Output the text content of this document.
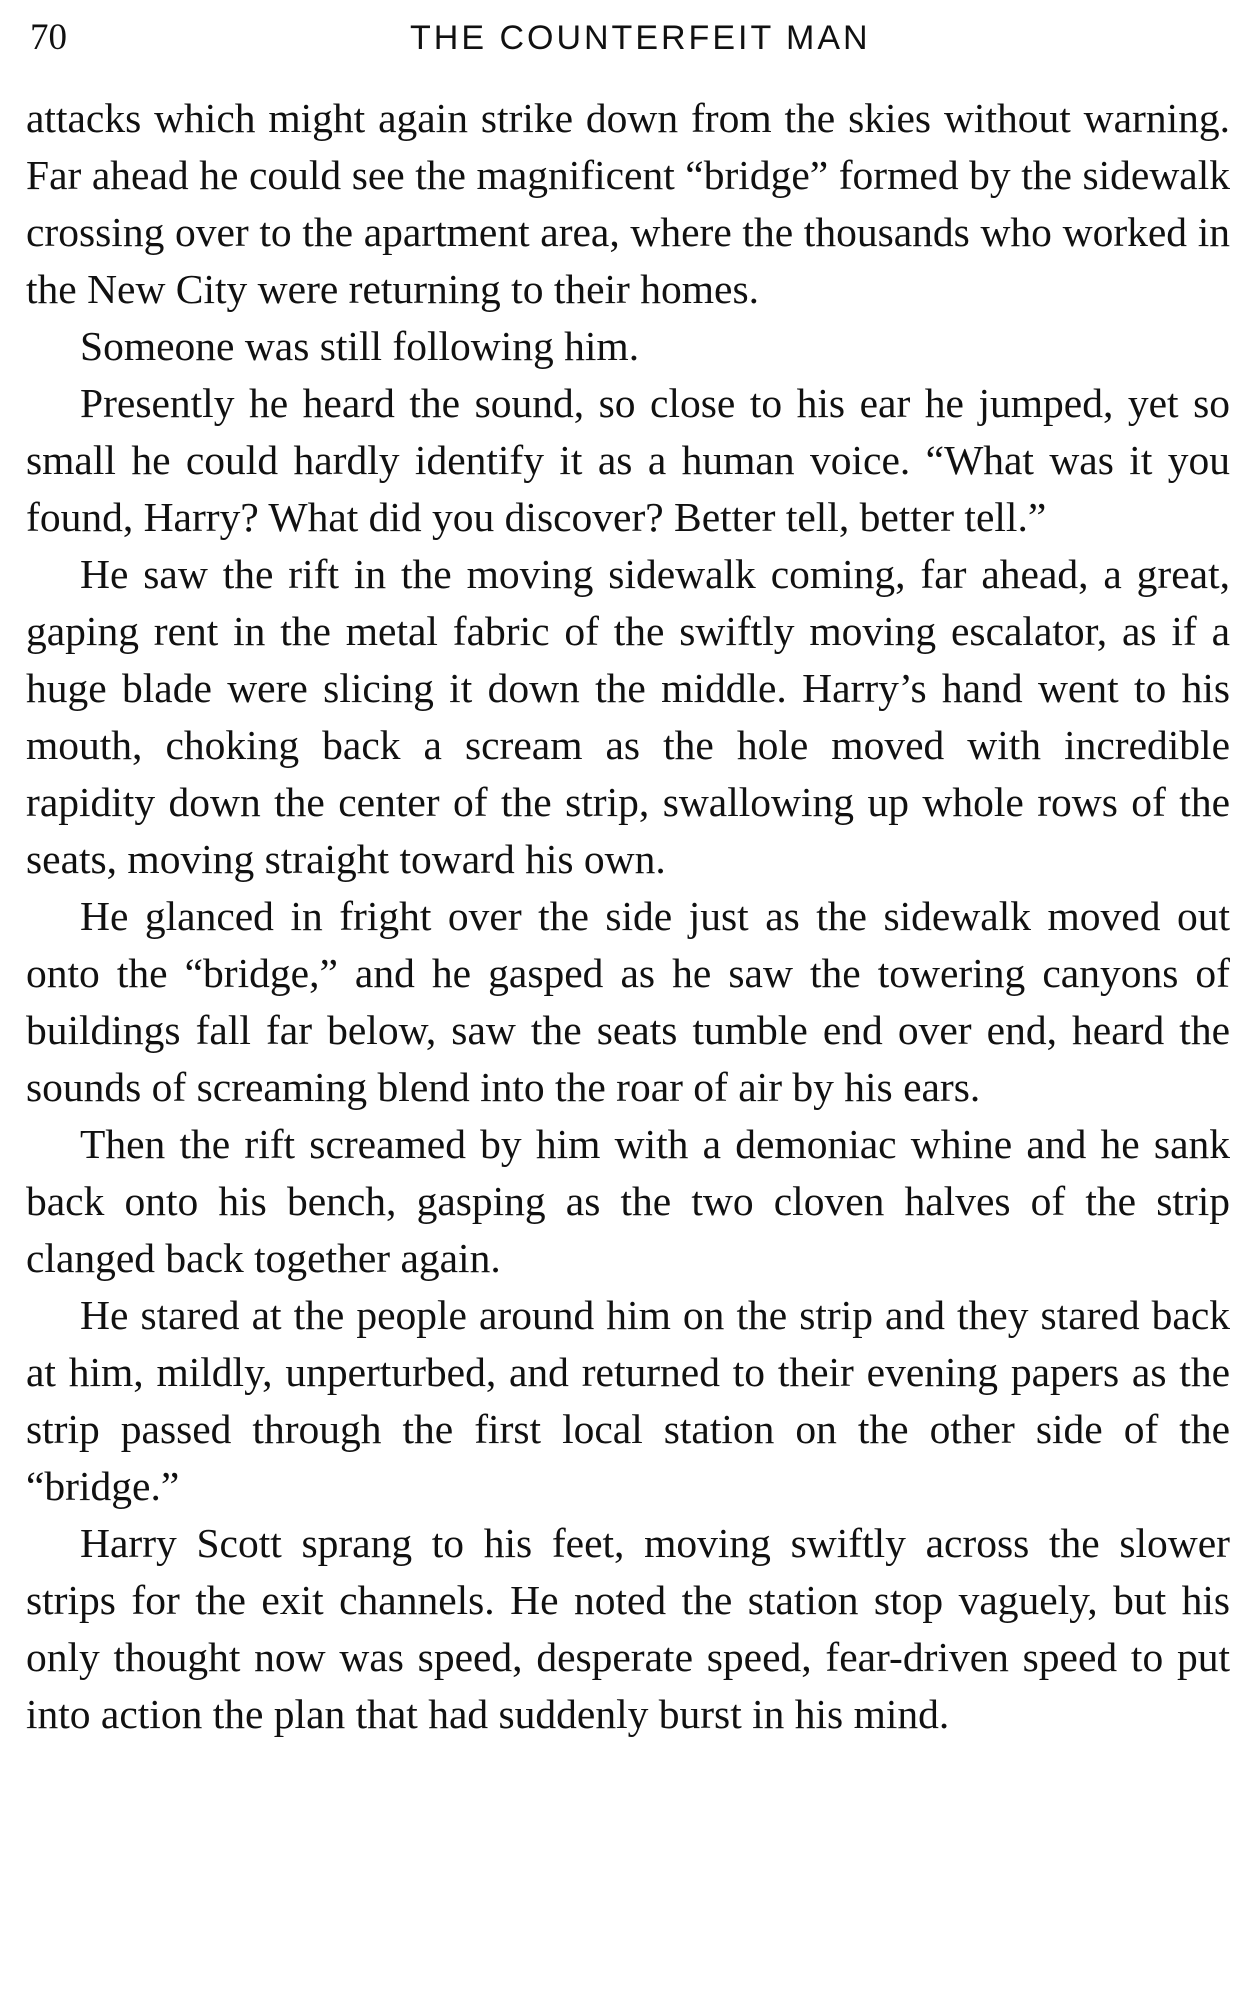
70	THE COUNTERFEIT MAN

attacks which might again strike down from the skies without warning. Far ahead he could see the magnificent “bridge” formed by the sidewalk crossing over to the apartment area, where the thousands who worked in the New City were returning to their homes.

Someone was still following him.

Presently he heard the sound, so close to his ear he jumped, yet so small he could hardly identify it as a human voice. “What was it you found, Harry? What did you discover? Better tell, better tell.”

He saw the rift in the moving sidewalk coming, far ahead, a great, gaping rent in the metal fabric of the swiftly moving escalator, as if a huge blade were slicing it down the middle. Harry’s hand went to his mouth, choking back a scream as the hole moved with incredible rapidity down the center of the strip, swallowing up whole rows of the seats, moving straight toward his own.

He glanced in fright over the side just as the sidewalk moved out onto the “bridge,” and he gasped as he saw the towering canyons of buildings fall far below, saw the seats tumble end over end, heard the sounds of screaming blend into the roar of air by his ears.

Then the rift screamed by him with a demoniac whine and he sank back onto his bench, gasping as the two cloven halves of the strip clanged back together again.

He stared at the people around him on the strip and they stared back at him, mildly, unperturbed, and returned to their evening papers as the strip passed through the first local station on the other side of the “bridge.”

Harry Scott sprang to his feet, moving swiftly across the slower strips for the exit channels. He noted the station stop vaguely, but his only thought now was speed, desperate speed, fear-driven speed to put into action the plan that had suddenly burst in his mind.
